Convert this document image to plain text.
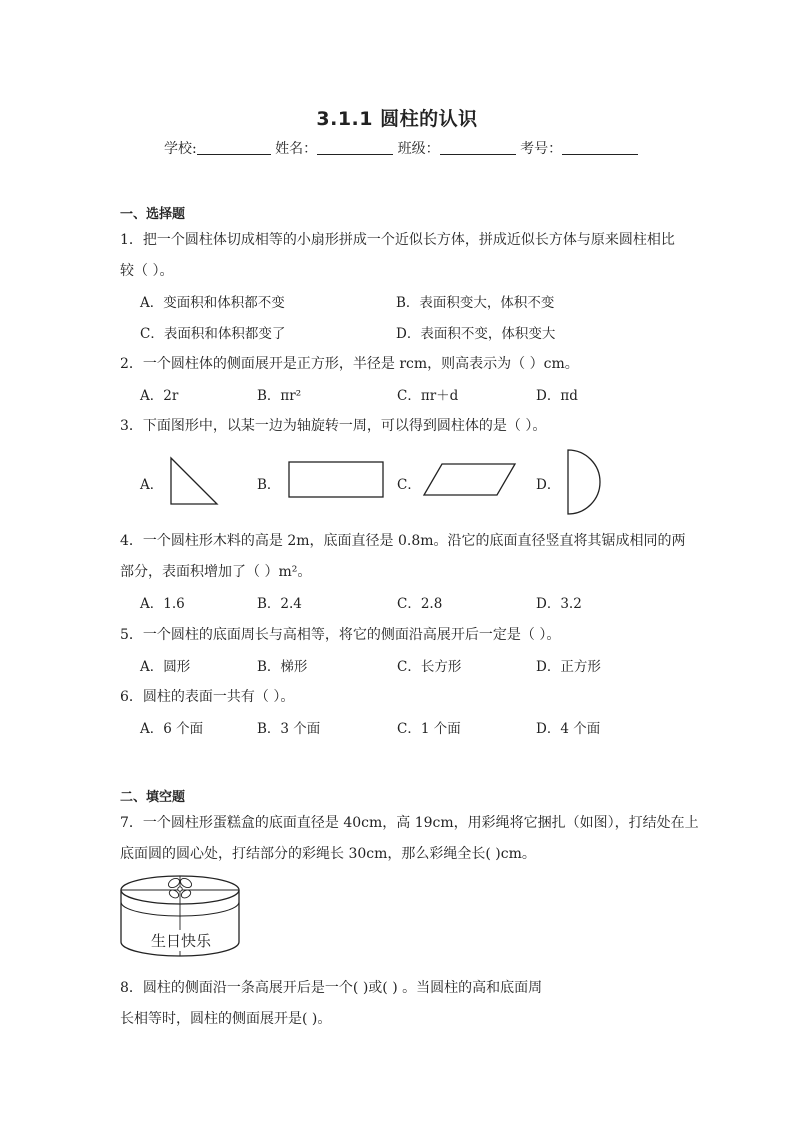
3.1.1 圆柱的认识
学校:	姓名：	班级：	考号：
一、选择题
1．把一个圆柱体切成相等的小扇形拼成一个近似长方体，拼成近似长方体与原来圆柱相比
较（ ）。
A．变面积和体积都不变	B．表面积变大，体积不变
C．表面积和体积都变了	D．表面积不变，体积变大
2．一个圆柱体的侧面展开是正方形，半径是 rcm，则高表示为（ ）cm。
A．2r	B．πr²	C．πr＋d	D．πd
3．下面图形中，以某一边为轴旋转一周，可以得到圆柱体的是（ ）。
A．	B．	C．	D．
4．一个圆柱形木料的高是 2m，底面直径是 0.8m。沿它的底面直径竖直将其锯成相同的两
部分，表面积增加了（ ）m²。
A．1.6	B．2.4	C．2.8	D．3.2
5．一个圆柱的底面周长与高相等，将它的侧面沿高展开后一定是（ ）。
A．圆形	B．梯形	C．长方形	D．正方形
6．圆柱的表面一共有（ ）。
A．6 个面	B．3 个面	C．1 个面	D．4 个面
二、填空题
7．一个圆柱形蛋糕盒的底面直径是 40cm，高 19cm，用彩绳将它捆扎（如图），打结处在上
底面圆的圆心处，打结部分的彩绳长 30cm，那么彩绳全长( )cm。
生日快乐
8．圆柱的侧面沿一条高展开后是一个( )或( ) 。当圆柱的高和底面周
长相等时，圆柱的侧面展开是( )。
